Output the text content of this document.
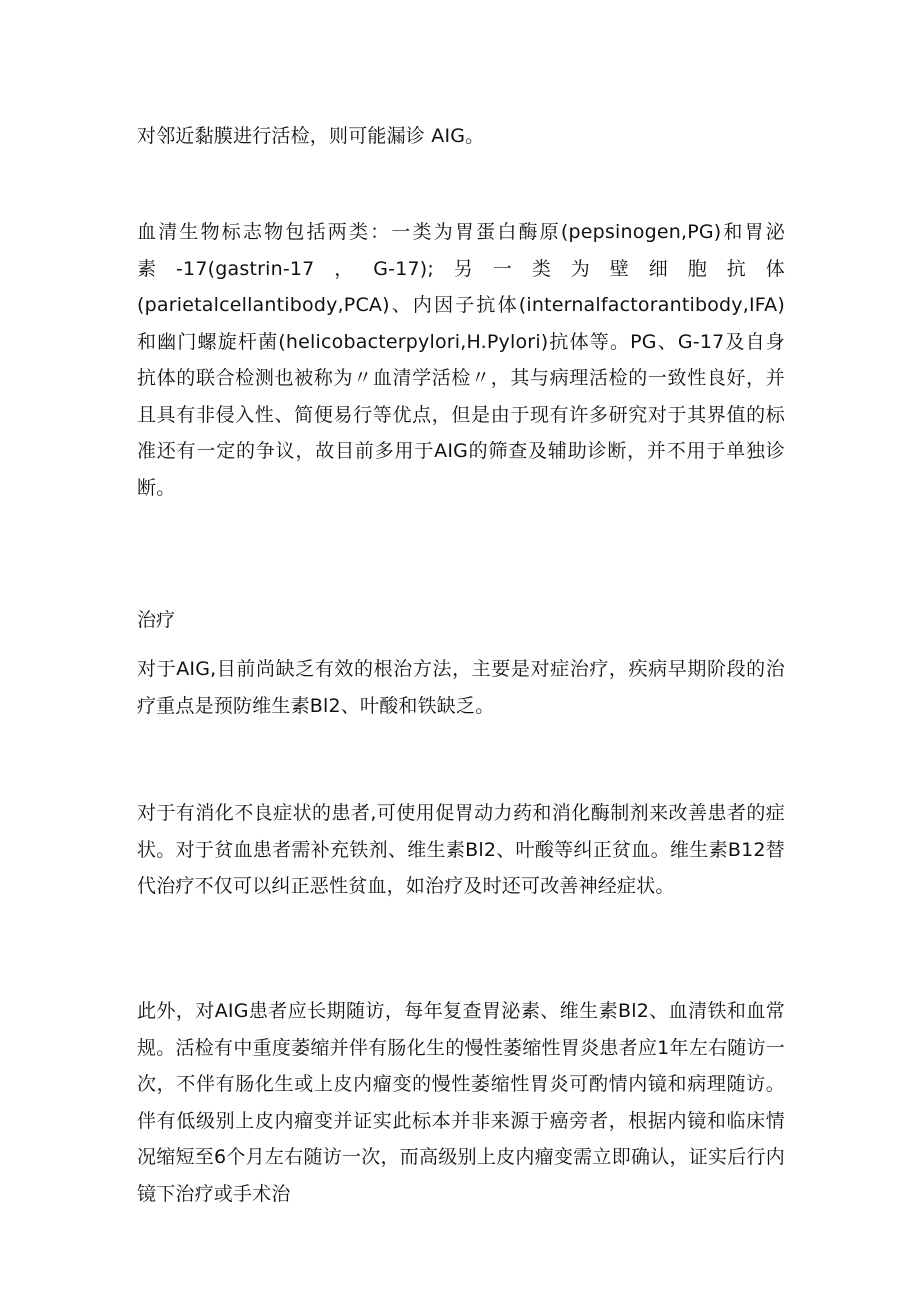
对邻近黏膜进行活检，则可能漏诊 AIG。

血清生物标志物包括两类：一类为胃蛋白酶原(pepsinogen,PG)和胃泌素-17(gastrin-17，G-17);另一类为壁细胞抗体(parietalcellantibody,PCA)、内因子抗体(internalfactorantibody,IFA)和幽门螺旋杆菌(helicobacterpylori,H.Pylori)抗体等。PG、G-17及自身抗体的联合检测也被称为〃血清学活检〃，其与病理活检的一致性良好，并且具有非侵入性、简便易行等优点，但是由于现有许多研究对于其界值的标准还有一定的争议，故目前多用于AIG的筛查及辅助诊断，并不用于单独诊断。

治疗

对于AIG,目前尚缺乏有效的根治方法，主要是对症治疗，疾病早期阶段的治疗重点是预防维生素Bl2、叶酸和铁缺乏。

对于有消化不良症状的患者,可使用促胃动力药和消化酶制剂来改善患者的症状。对于贫血患者需补充铁剂、维生素Bl2、叶酸等纠正贫血。维生素B12替代治疗不仅可以纠正恶性贫血，如治疗及时还可改善神经症状。

此外，对AIG患者应长期随访，每年复查胃泌素、维生素Bl2、血清铁和血常规。活检有中重度萎缩并伴有肠化生的慢性萎缩性胃炎患者应1年左右随访一次，不伴有肠化生或上皮内瘤变的慢性萎缩性胃炎可酌情内镜和病理随访。伴有低级别上皮内瘤变并证实此标本并非来源于癌旁者，根据内镜和临床情况缩短至6个月左右随访一次，而高级别上皮内瘤变需立即确认，证实后行内镜下治疗或手术治
